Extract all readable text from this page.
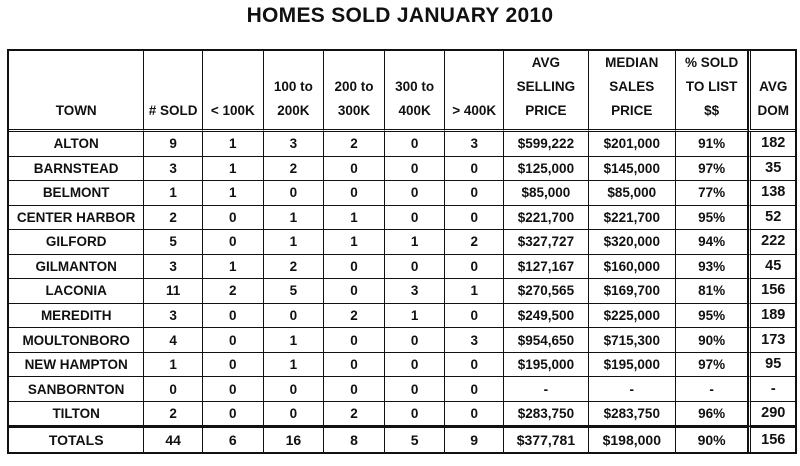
HOMES SOLD JANUARY 2010
TOWN	# SOLD	< 100K	100 to 200K	200 to 300K	300 to 400K	> 400K	AVG SELLING PRICE	MEDIAN SALES PRICE	% SOLD TO LIST $$	AVG DOM
ALTON	9	1	3	2	0	3	$599,222	$201,000	91%	182
BARNSTEAD	3	1	2	0	0	0	$125,000	$145,000	97%	35
BELMONT	1	1	0	0	0	0	$85,000	$85,000	77%	138
CENTER HARBOR	2	0	1	1	0	0	$221,700	$221,700	95%	52
GILFORD	5	0	1	1	1	2	$327,727	$320,000	94%	222
GILMANTON	3	1	2	0	0	0	$127,167	$160,000	93%	45
LACONIA	11	2	5	0	3	1	$270,565	$169,700	81%	156
MEREDITH	3	0	0	2	1	0	$249,500	$225,000	95%	189
MOULTONBORO	4	0	1	0	0	3	$954,650	$715,300	90%	173
NEW HAMPTON	1	0	1	0	0	0	$195,000	$195,000	97%	95
SANBORNTON	0	0	0	0	0	0	-	-	-	-
TILTON	2	0	0	2	0	0	$283,750	$283,750	96%	290
TOTALS	44	6	16	8	5	9	$377,781	$198,000	90%	156
